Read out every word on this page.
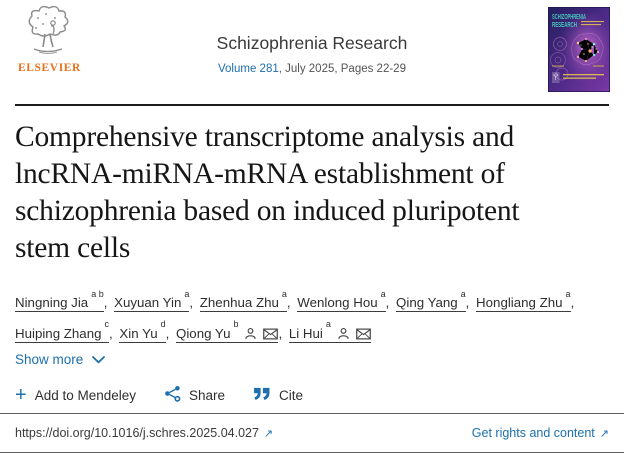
ELSEVIER
Schizophrenia Research
Volume 281, July 2025, Pages 22-29
SCHIZOPHRENIA
RESEARCH
Comprehensive transcriptome analysis and
lncRNA-miRNA-mRNA establishment of
schizophrenia based on induced pluripotent
stem cells
Ningning Jia$^{a b}$, Xuyuan Yin$^a$, Zhenhua Zhu$^a$, Wenlong Hou$^a$, Qing Yang$^a$, Hongliang Zhu$^a$, Huiping Zhang$^c$, Xin Yu$^d$, Qiong Yu$^b$, Li Hui$^a$
Show more
+ Add to Mendeley	Share	Cite
https://doi.org/10.1016/j.schres.2025.04.027 ↗	Get rights and content ↗
